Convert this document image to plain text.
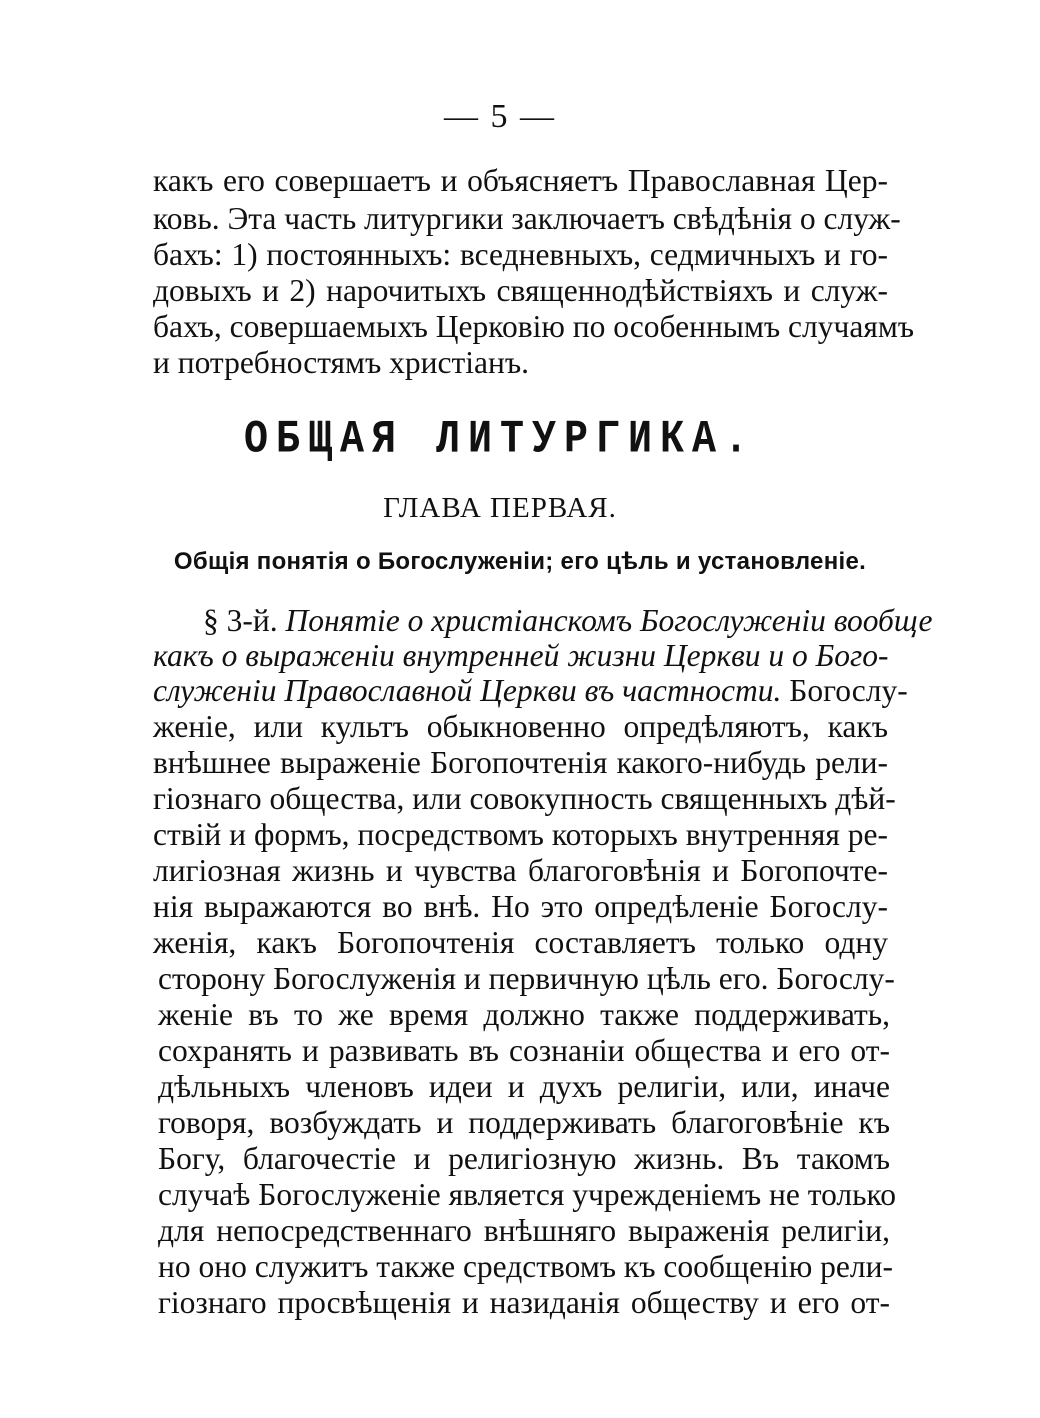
— 5 —
какъ его совершаетъ и объясняетъ Православная Цер-
ковь. Эта часть литургики заключаетъ свѣдѣнія о служ-
бахъ: 1) постоянныхъ: вседневныхъ, седмичныхъ и го-
довыхъ и 2) нарочитыхъ священнодѣйствіяхъ и служ-
бахъ, совершаемыхъ Церковію по особеннымъ случаямъ
и потребностямъ христіанъ.
ОБЩАЯ ЛИТУРГИКА.
ГЛАВА ПЕРВАЯ.
Общія понятія о Богослуженіи; его цѣль и установленіе.
§ 3-й. Понятіе о христіанскомъ Богослуженіи вообще
какъ о выраженіи внутренней жизни Церкви и о Бого-
служеніи Православной Церкви въ частности. Богослу-
женіе, или культъ обыкновенно опредѣляютъ, какъ
внѣшнее выраженіе Богопочтенія какого-нибудь рели-
гіознаго общества, или совокупность священныхъ дѣй-
ствій и формъ, посредствомъ которыхъ внутренняя ре-
лигіозная жизнь и чувства благоговѣнія и Богопочте-
нія выражаются во внѣ. Но это опредѣленіе Богослу-
женія, какъ Богопочтенія составляетъ только одну
сторону Богослуженія и первичную цѣль его. Богослу-
женіе въ то же время должно также поддерживать,
сохранять и развивать въ сознаніи общества и его от-
дѣльныхъ членовъ идеи и духъ религіи, или, иначе
говоря, возбуждать и поддерживать благоговѣніе къ
Богу, благочестіе и религіозную жизнь. Въ такомъ
случаѣ Богослуженіе является учрежденіемъ не только
для непосредственнаго внѣшняго выраженія религіи,
но оно служитъ также средствомъ къ сообщенію рели-
гіознаго просвѣщенія и назиданія обществу и его от-
